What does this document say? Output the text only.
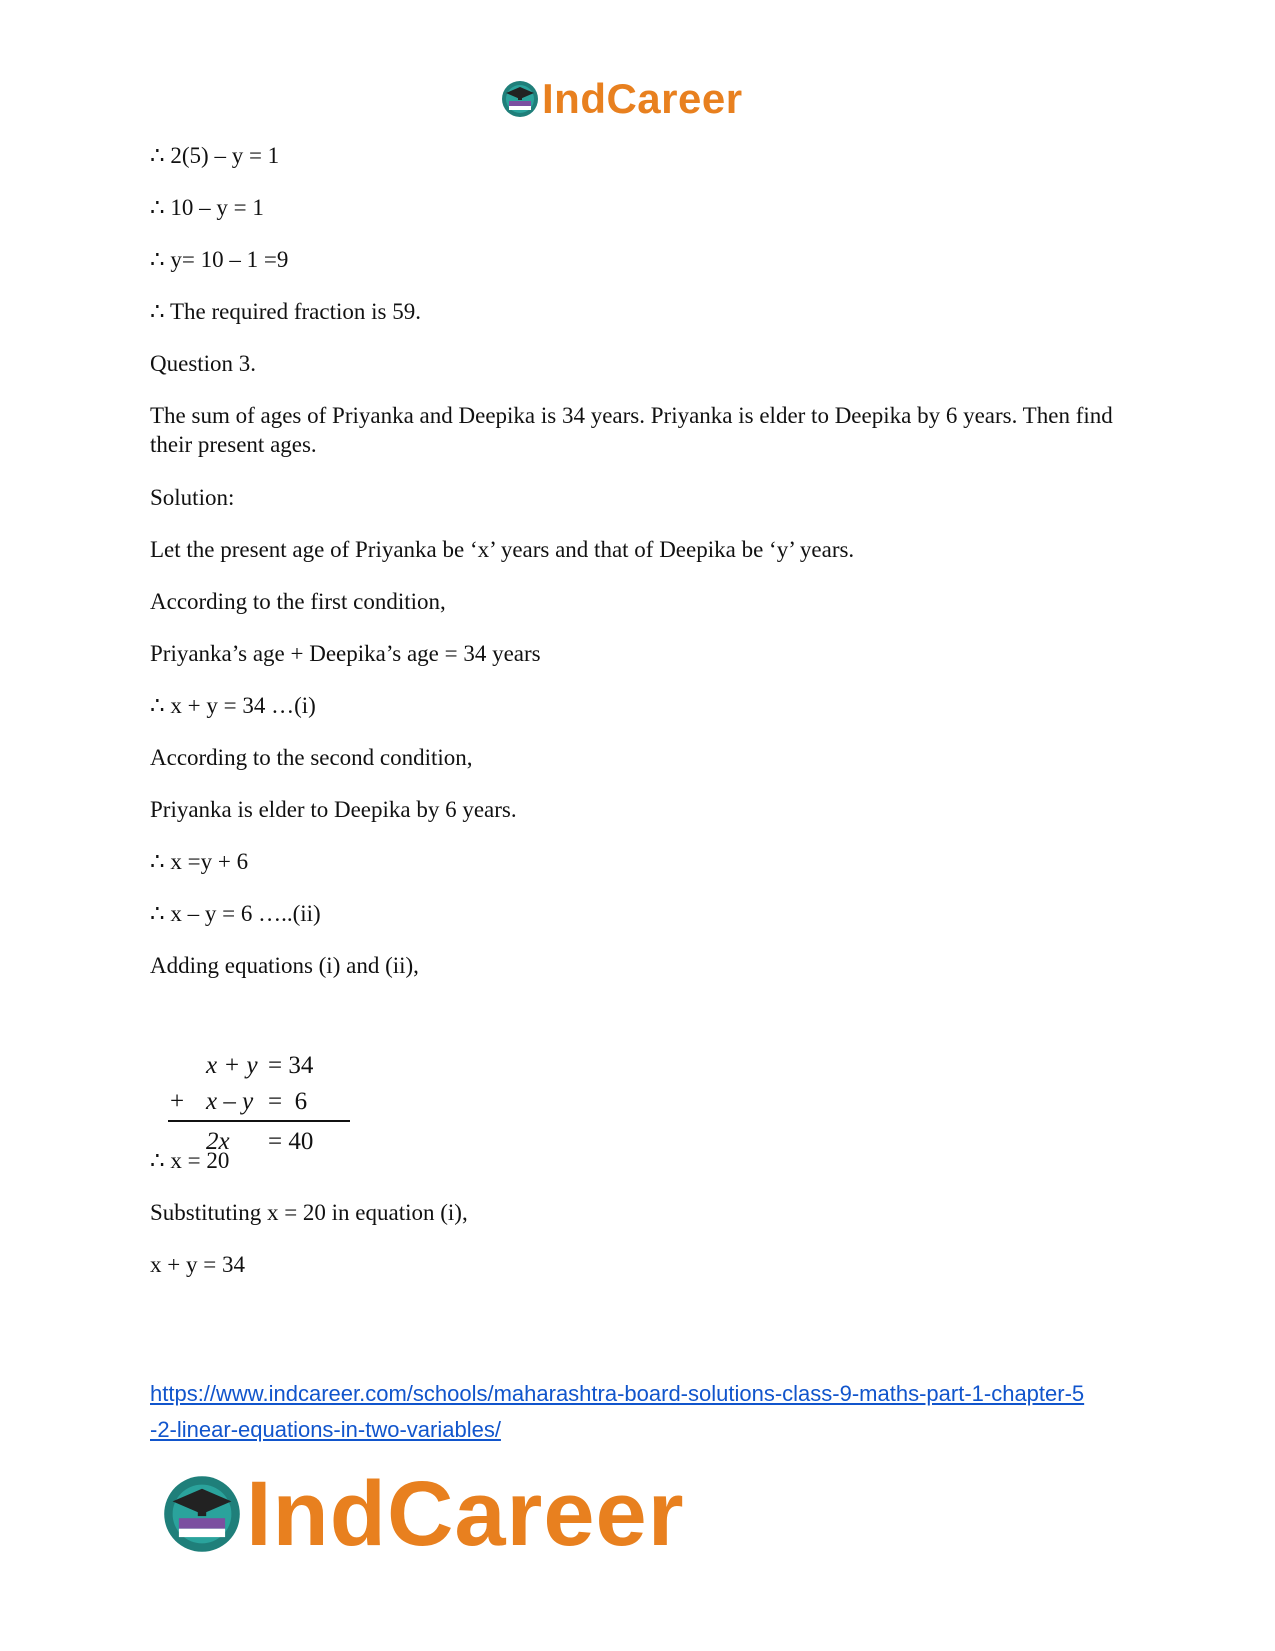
IndCareer
∴ 2(5) – y = 1
∴ 10 – y = 1
∴ y= 10 – 1 =9
∴ The required fraction is 59.
Question 3.
The sum of ages of Priyanka and Deepika is 34 years. Priyanka is elder to Deepika by 6 years. Then find their present ages.
Solution:
Let the present age of Priyanka be ‘x’ years and that of Deepika be ‘y’ years.
According to the first condition,
Priyanka’s age + Deepika’s age = 34 years
∴ x + y = 34 …(i)
According to the second condition,
Priyanka is elder to Deepika by 6 years.
∴ x =y + 6
∴ x – y = 6 …..(ii)
Adding equations (i) and (ii),
x + y = 34
+ x – y =  6
2x = 40
∴ x = 20
Substituting x = 20 in equation (i),
x + y = 34
https://www.indcareer.com/schools/maharashtra-board-solutions-class-9-maths-part-1-chapter-5
-2-linear-equations-in-two-variables/
IndCareer
